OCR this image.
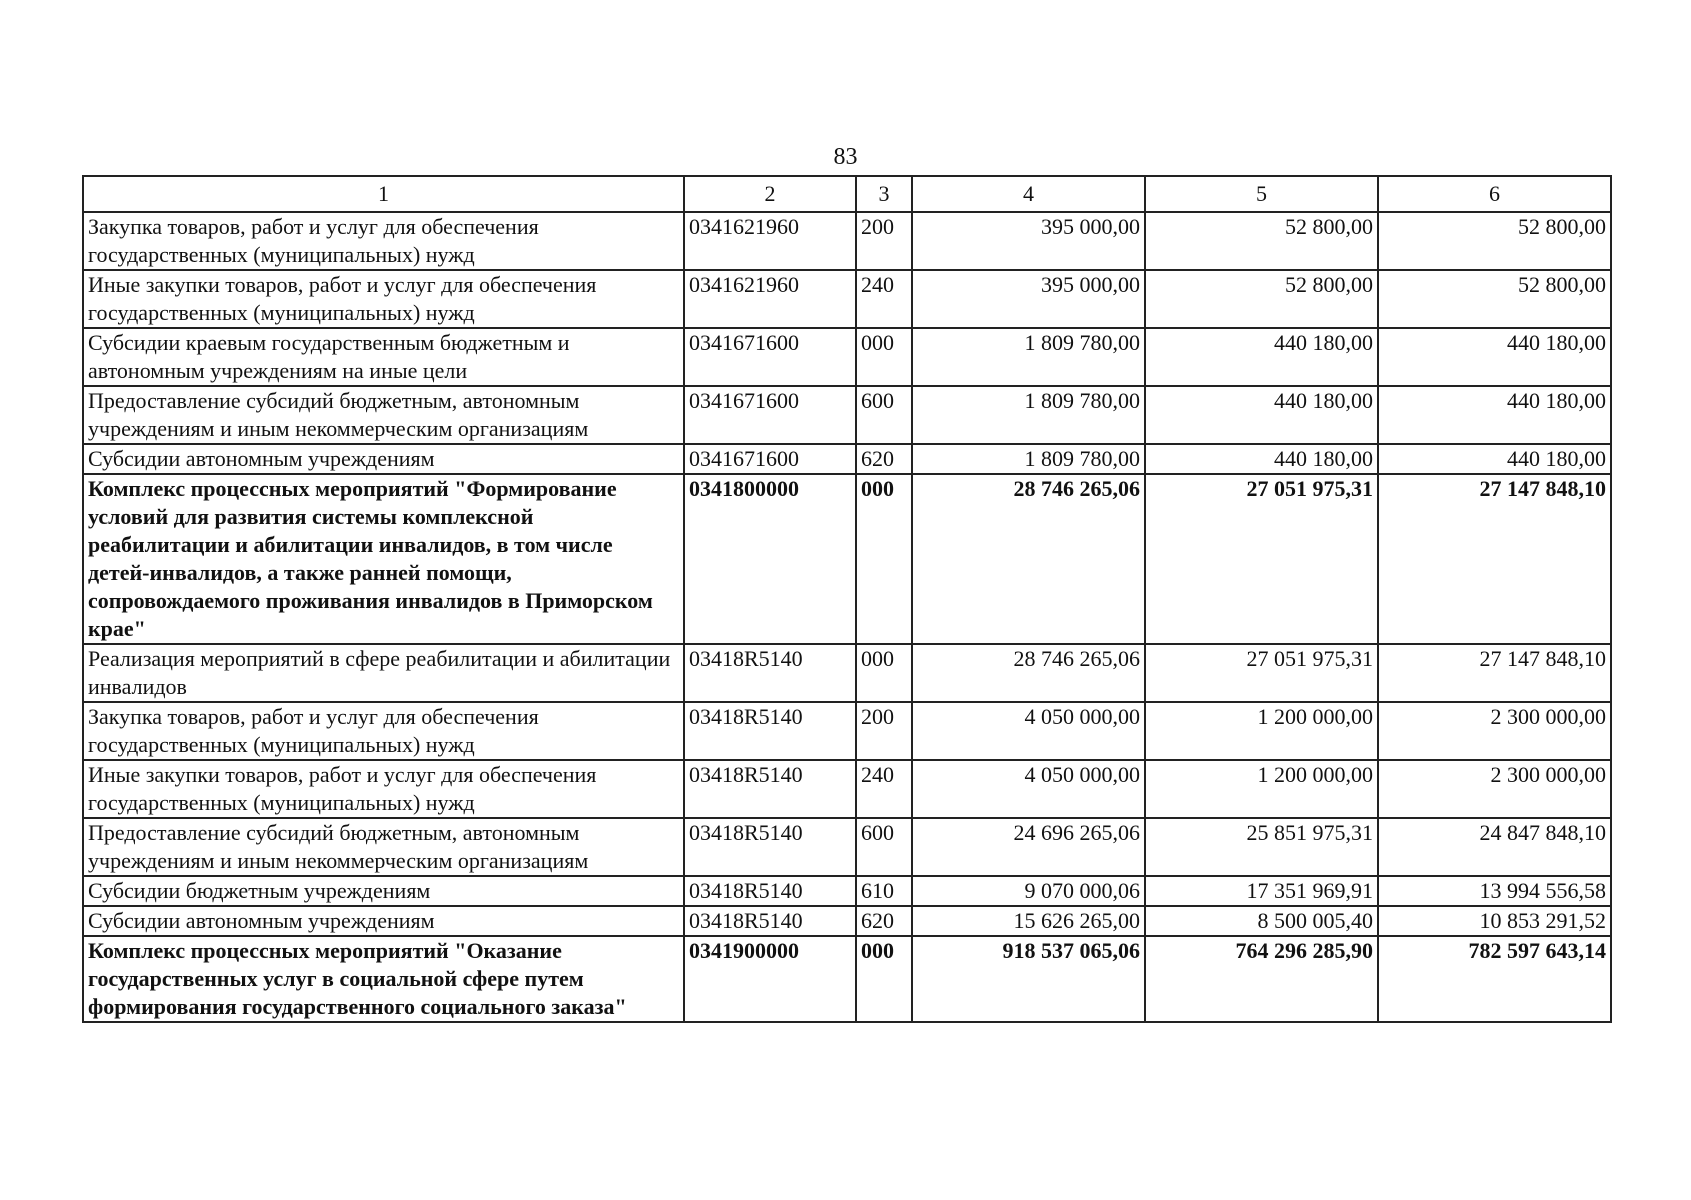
83
1	2	3	4	5	6
Закупка товаров, работ и услуг для обеспечения государственных (муниципальных) нужд	0341621960	200	395 000,00	52 800,00	52 800,00
Иные закупки товаров, работ и услуг для обеспечения государственных (муниципальных) нужд	0341621960	240	395 000,00	52 800,00	52 800,00
Субсидии краевым государственным бюджетным и автономным учреждениям на иные цели	0341671600	000	1 809 780,00	440 180,00	440 180,00
Предоставление субсидий бюджетным, автономным учреждениям и иным некоммерческим организациям	0341671600	600	1 809 780,00	440 180,00	440 180,00
Субсидии автономным учреждениям	0341671600	620	1 809 780,00	440 180,00	440 180,00
Комплекс процессных мероприятий "Формирование условий для развития системы комплексной реабилитации и абилитации инвалидов, в том числе детей-инвалидов, а также ранней помощи, сопровождаемого проживания инвалидов в Приморском крае"	0341800000	000	28 746 265,06	27 051 975,31	27 147 848,10
Реализация мероприятий в сфере реабилитации и абилитации инвалидов	03418R5140	000	28 746 265,06	27 051 975,31	27 147 848,10
Закупка товаров, работ и услуг для обеспечения государственных (муниципальных) нужд	03418R5140	200	4 050 000,00	1 200 000,00	2 300 000,00
Иные закупки товаров, работ и услуг для обеспечения государственных (муниципальных) нужд	03418R5140	240	4 050 000,00	1 200 000,00	2 300 000,00
Предоставление субсидий бюджетным, автономным учреждениям и иным некоммерческим организациям	03418R5140	600	24 696 265,06	25 851 975,31	24 847 848,10
Субсидии бюджетным учреждениям	03418R5140	610	9 070 000,06	17 351 969,91	13 994 556,58
Субсидии автономным учреждениям	03418R5140	620	15 626 265,00	8 500 005,40	10 853 291,52
Комплекс процессных мероприятий "Оказание государственных услуг в социальной сфере путем формирования государственного социального заказа"	0341900000	000	918 537 065,06	764 296 285,90	782 597 643,14
